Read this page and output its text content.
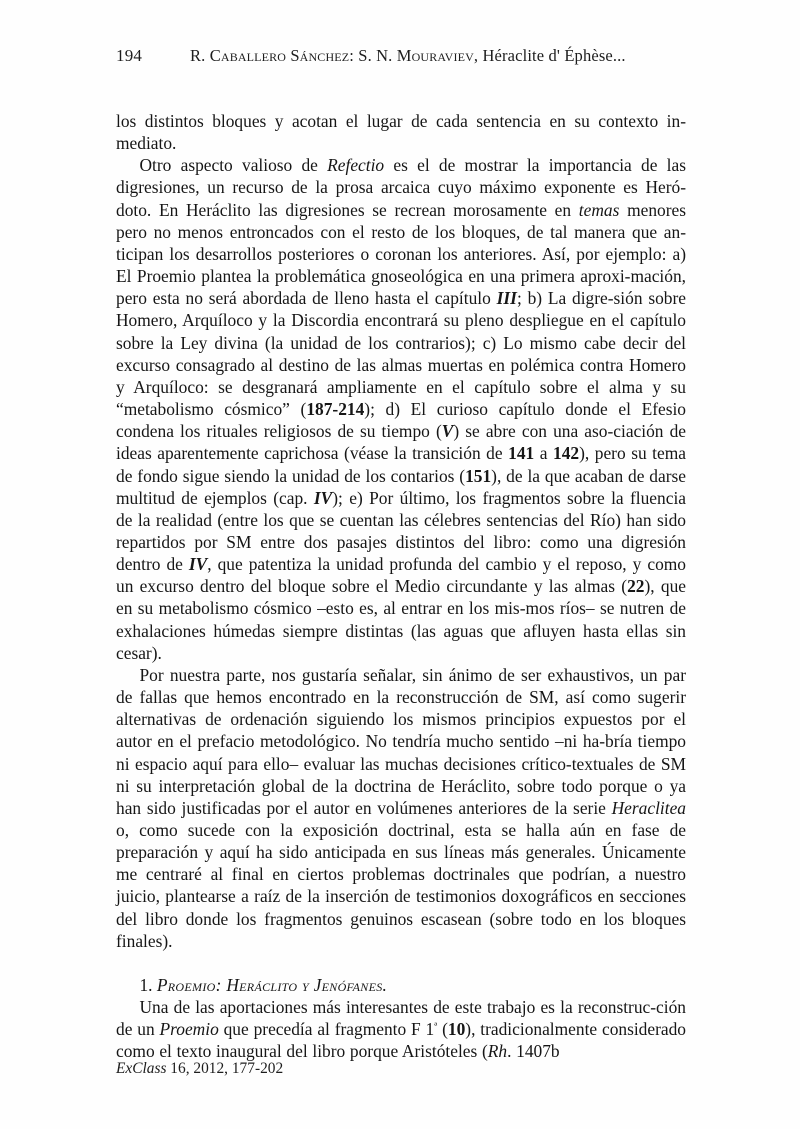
194	R. Caballero Sánchez: S. N. Mouraviev, Héraclite d' Éphèse...

los distintos bloques y acotan el lugar de cada sentencia en su contexto in-mediato.

Otro aspecto valioso de Refectio es el de mostrar la importancia de las digresiones, un recurso de la prosa arcaica cuyo máximo exponente es Heró-doto. En Heráclito las digresiones se recrean morosamente en temas menores pero no menos entroncados con el resto de los bloques, de tal manera que an-ticipan los desarrollos posteriores o coronan los anteriores. Así, por ejemplo: a) El Proemio plantea la problemática gnoseológica en una primera aproxi-mación, pero esta no será abordada de lleno hasta el capítulo III; b) La digre-sión sobre Homero, Arquíloco y la Discordia encontrará su pleno despliegue en el capítulo sobre la Ley divina (la unidad de los contrarios); c) Lo mismo cabe decir del excurso consagrado al destino de las almas muertas en polémica contra Homero y Arquíloco: se desgranará ampliamente en el capítulo sobre el alma y su “metabolismo cósmico” (187-214); d) El curioso capítulo donde el Efesio condena los rituales religiosos de su tiempo (V) se abre con una aso-ciación de ideas aparentemente caprichosa (véase la transición de 141 a 142), pero su tema de fondo sigue siendo la unidad de los contarios (151), de la que acaban de darse multitud de ejemplos (cap. IV); e) Por último, los fragmentos sobre la fluencia de la realidad (entre los que se cuentan las célebres sentencias del Río) han sido repartidos por SM entre dos pasajes distintos del libro: como una digresión dentro de IV, que patentiza la unidad profunda del cambio y el reposo, y como un excurso dentro del bloque sobre el Medio circundante y las almas (22), que en su metabolismo cósmico –esto es, al entrar en los mis-mos ríos– se nutren de exhalaciones húmedas siempre distintas (las aguas que afluyen hasta ellas sin cesar).

Por nuestra parte, nos gustaría señalar, sin ánimo de ser exhaustivos, un par de fallas que hemos encontrado en la reconstrucción de SM, así como sugerir alternativas de ordenación siguiendo los mismos principios expuestos por el autor en el prefacio metodológico. No tendría mucho sentido –ni ha-bría tiempo ni espacio aquí para ello– evaluar las muchas decisiones crítico-textuales de SM ni su interpretación global de la doctrina de Heráclito, sobre todo porque o ya han sido justificadas por el autor en volúmenes anteriores de la serie Heraclitea o, como sucede con la exposición doctrinal, esta se halla aún en fase de preparación y aquí ha sido anticipada en sus líneas más generales. Únicamente me centraré al final en ciertos problemas doctrinales que podrían, a nuestro juicio, plantearse a raíz de la inserción de testimonios doxográficos en secciones del libro donde los fragmentos genuinos escasean (sobre todo en los bloques finales).

1. Proemio: Heráclito y Jenófanes.

Una de las aportaciones más interesantes de este trabajo es la reconstruc-ción de un Proemio que precedía al fragmento F $1^ª$ (10), tradicionalmente considerado como el texto inaugural del libro porque Aristóteles (Rh. 1407b

ExClass 16, 2012, 177-202
